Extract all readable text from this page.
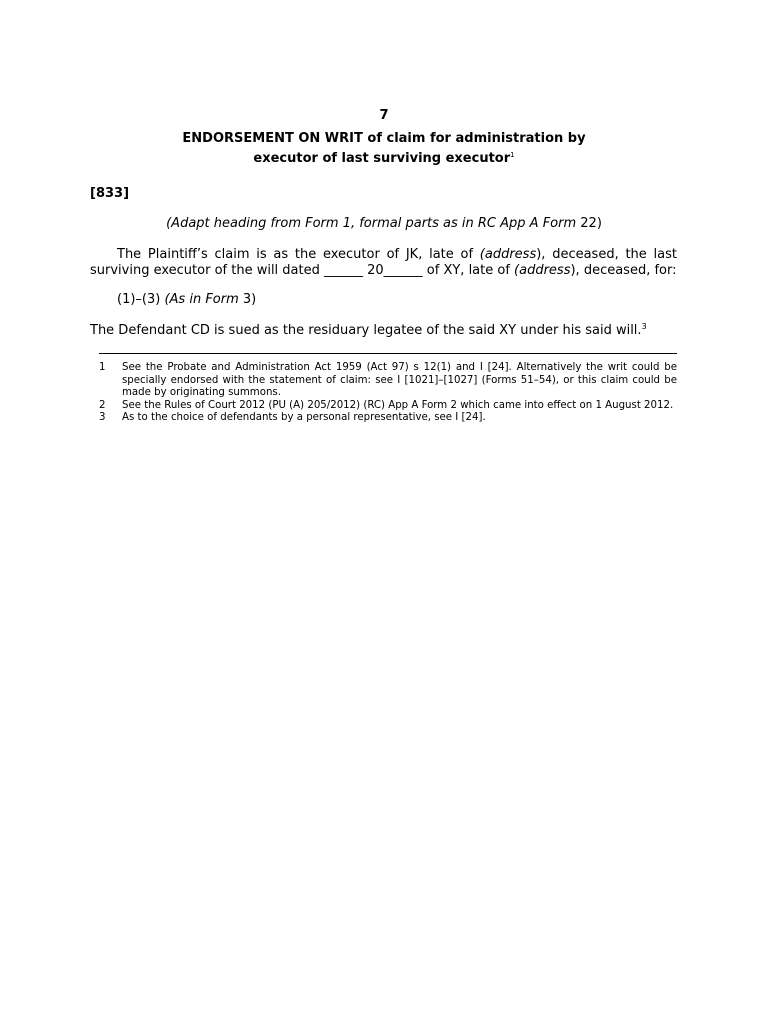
7
ENDORSEMENT ON WRIT of claim for administration by
executor of last surviving executor$^1$
[833]
(Adapt heading from Form 1, formal parts as in RC App A Form 22)
The Plaintiff’s claim is as the executor of JK, late of (address), deceased, the last surviving executor of the will dated ______ 20______ of XY, late of (address), deceased, for:
(1)–(3) (As in Form 3)
The Defendant CD is sued as the residuary legatee of the said XY under his said will.$^3$
1	See the Probate and Administration Act 1959 (Act 97) s 12(1) and I [24]. Alternatively the writ could be specially endorsed with the statement of claim: see I [1021]–[1027] (Forms 51–54), or this claim could be made by originating summons.
2	See the Rules of Court 2012 (PU (A) 205/2012) (RC) App A Form 2 which came into effect on 1 August 2012.
3	As to the choice of defendants by a personal representative, see I [24].
